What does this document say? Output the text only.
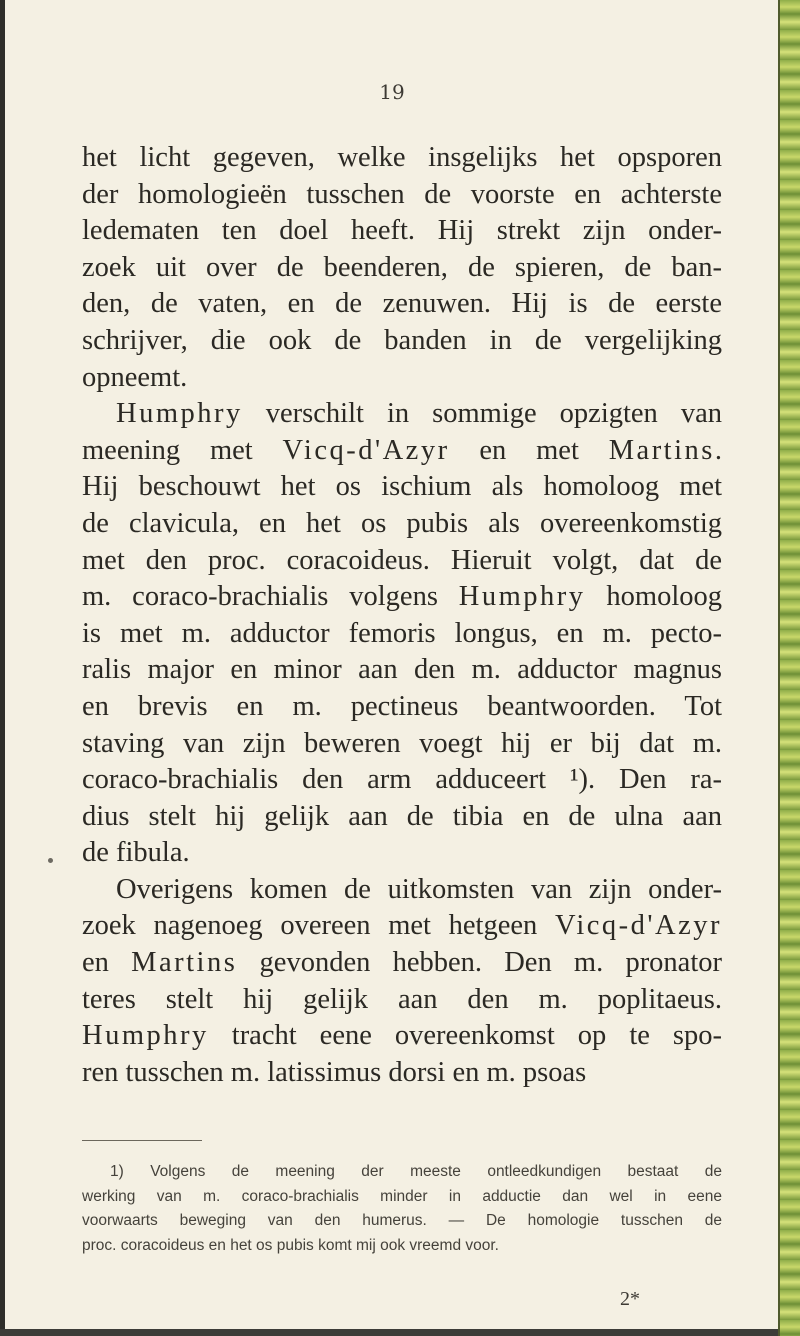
19
het licht gegeven, welke insgelijks het opsporen
der homologieën tusschen de voorste en achterste
ledematen ten doel heeft. Hij strekt zijn onder-
zoek uit over de beenderen, de spieren, de ban-
den, de vaten, en de zenuwen. Hij is de eerste
schrijver, die ook de banden in de vergelijking
opneemt.
Humphry verschilt in sommige opzigten van
meening met Vicq-d'Azyr en met Martins.
Hij beschouwt het os ischium als homoloog met
de clavicula, en het os pubis als overeenkomstig
met den proc. coracoideus. Hieruit volgt, dat de
m. coraco-brachialis volgens Humphry homoloog
is met m. adductor femoris longus, en m. pecto-
ralis major en minor aan den m. adductor magnus
en brevis en m. pectineus beantwoorden. Tot
staving van zijn beweren voegt hij er bij dat m.
coraco-brachialis den arm adduceert ¹). Den ra-
dius stelt hij gelijk aan de tibia en de ulna aan
de fibula.
Overigens komen de uitkomsten van zijn onder-
zoek nagenoeg overeen met hetgeen Vicq-d'Azyr
en Martins gevonden hebben. Den m. pronator
teres stelt hij gelijk aan den m. poplitaeus.
Humphry tracht eene overeenkomst op te spo-
ren tusschen m. latissimus dorsi en m. psoas
1) Volgens de meening der meeste ontleedkundigen bestaat de
werking van m. coraco-brachialis minder in adductie dan wel in eene
voorwaarts beweging van den humerus. — De homologie tusschen de
proc. coracoideus en het os pubis komt mij ook vreemd voor.
2*
